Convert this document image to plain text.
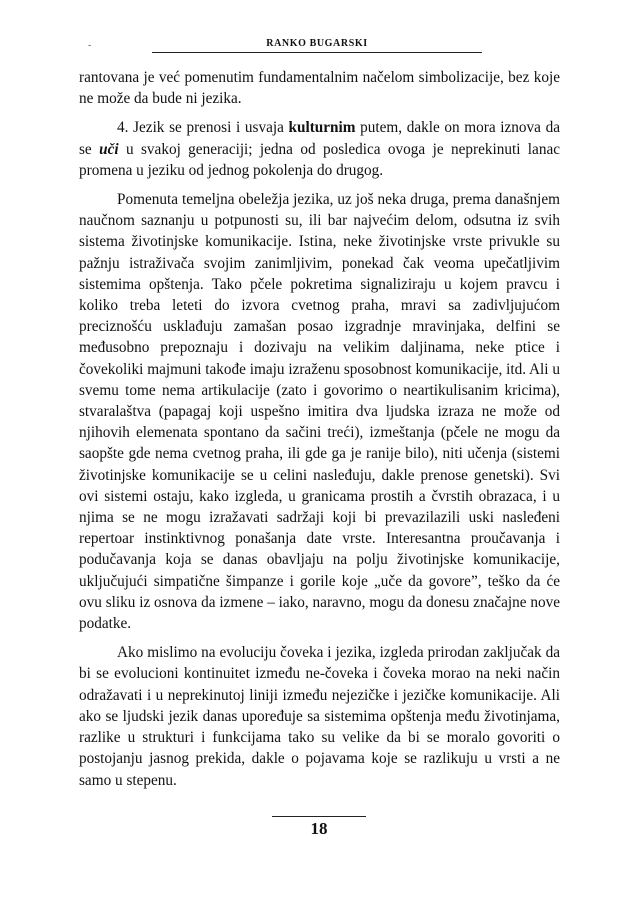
-	RANKO BUGARSKI

rantovana je već pomenutim fundamentalnim načelom simbolizacije, bez koje ne može da bude ni jezika.

4. Jezik se prenosi i usvaja kulturnim putem, dakle on mora iznova da se uči u svakoj generaciji; jedna od posledica ovoga je neprekinuti lanac promena u jeziku od jednog pokolenja do drugog.

Pomenuta temeljna obeležja jezika, uz još neka druga, prema današnjem naučnom saznanju u potpunosti su, ili bar najvećim delom, odsutna iz svih sistema životinjske komunikacije. Istina, neke životinjske vrste privukle su pažnju istraživača svojim zanimljivim, ponekad čak veoma upečatljivim sistemima opštenja. Tako pčele pokretima signaliziraju u kojem pravcu i koliko treba leteti do izvora cvetnog praha, mravi sa zadivljujućom preciznošću usklađuju zamašan posao izgradnje mravinjaka, delfini se međusobno prepoznaju i dozivaju na velikim daljinama, neke ptice i čovekoliki majmuni takođe imaju izraženu sposobnost komunikacije, itd. Ali u svemu tome nema artikulacije (zato i govorimo o neartikulisanim kricima), stvaralaštva (papagaj koji uspešno imitira dva ljudska izraza ne može od njihovih elemenata spontano da sačini treći), izmeštanja (pčele ne mogu da saopšte gde nema cvetnog praha, ili gde ga je ranije bilo), niti učenja (sistemi životinjske komunikacije se u celini nasleđuju, dakle prenose genetski). Svi ovi sistemi ostaju, kako izgleda, u granicama prostih a čvrstih obrazaca, i u njima se ne mogu izražavati sadržaji koji bi prevazilazili uski nasleđeni repertoar instinktivnog ponašanja date vrste. Interesantna proučavanja i podučavanja koja se danas obavljaju na polju životinjske komunikacije, uključujući simpatične šimpanze i gorile koje „uče da govore”, teško da će ovu sliku iz osnova da izmene – iako, naravno, mogu da donesu značajne nove podatke.

Ako mislimo na evoluciju čoveka i jezika, izgleda prirodan zaključak da bi se evolucioni kontinuitet između ne-čoveka i čoveka morao na neki način odražavati i u neprekinutoj liniji između nejezičke i jezičke komunikacije. Ali ako se ljudski jezik danas upoređuje sa sistemima opštenja među životinjama, razlike u strukturi i funkcijama tako su velike da bi se moralo govoriti o postojanju jasnog prekida, dakle o pojavama koje se razlikuju u vrsti a ne samo u stepenu.

18
